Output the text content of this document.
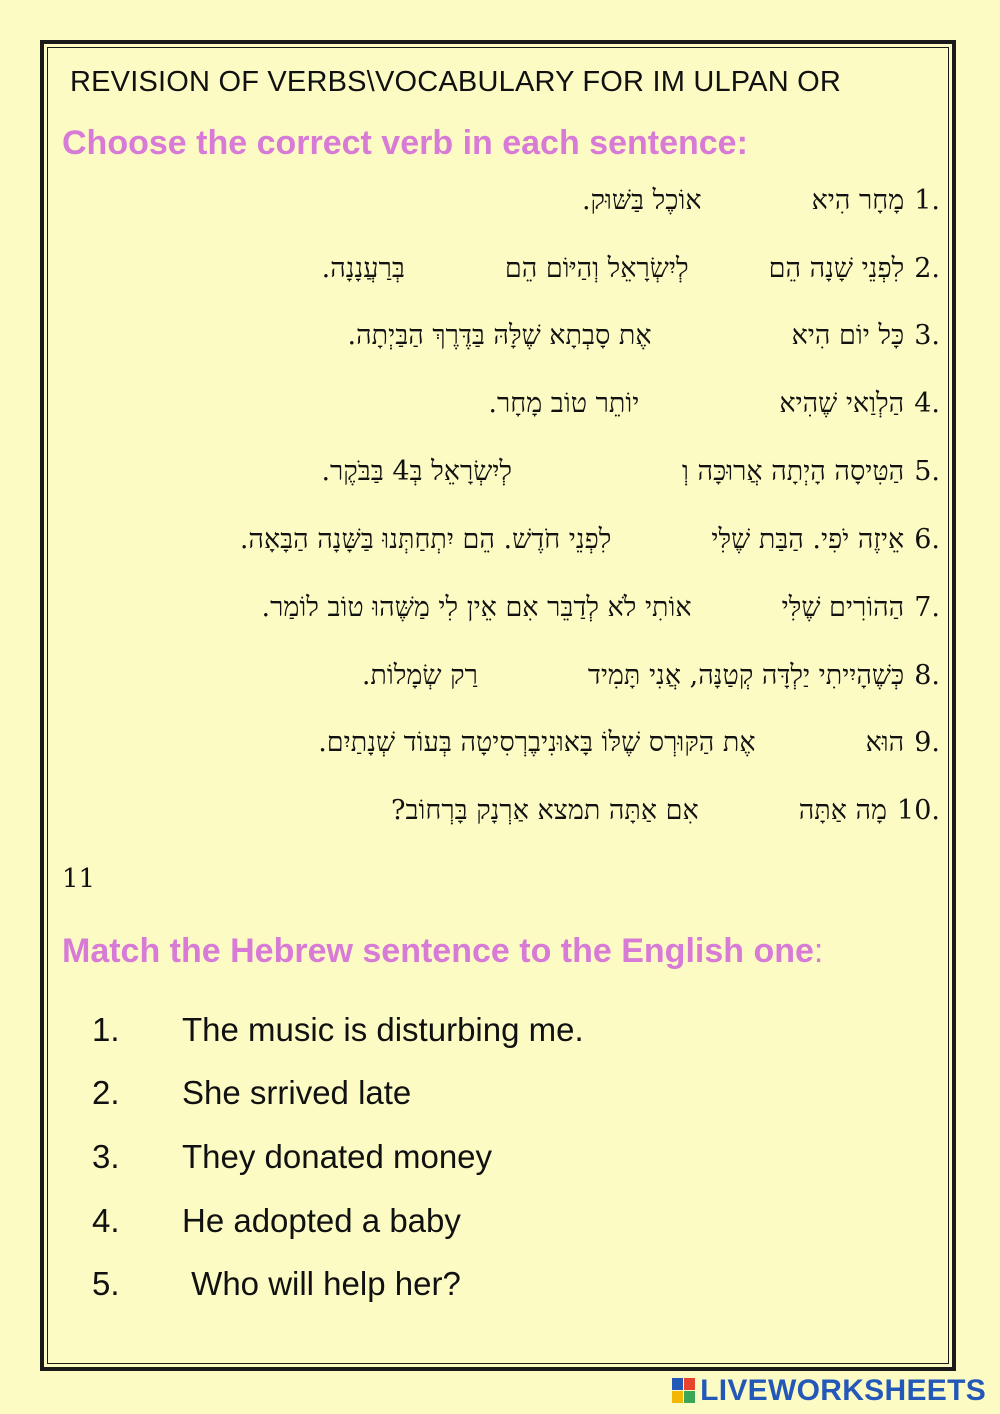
REVISION OF VERBS\VOCABULARY FOR IM ULPAN OR
Choose the correct verb in each sentence:
.1
מָחָר הִיא
אוֹכֶל בַּשּׁוּק.
.2
לִפְנֵי שָׁנָה הֵם
לְיִשְׂרָאֵל וְהַיּוֹם הֵם
בְּרַעֲנָנָה.
.3
כָּל יוֹם הִיא
אֶת סָבְתָא שֶׁלָּהּ בַּדֶּרֶךְ הַבַּיְתָה.
.4
הַלְוַאי שֶׁהִיא
יוֹתֵר טוֹב מָחָר.
.5
הַטִּיסָה הָיְתָה אֲרוּכָּה וְ
לְיִשְׂרָאֵל בְּ4 בַּבֹּקֶר.
.6
אֵיזֶה יֹפִי. הַבַּת שֶׁלִּי
לִפְנֵי חֹדֶשׁ. הֵם יִתְחַתְּנוּ בַּשָּׁנָה הַבָּאָה.
.7
הַהוֹרִים שֶׁלִּי
אוֹתִי לֹא לְדַבֵּר אִם אֵין לִי מַשֶּׁהוּ טוֹב לוֹמַר.
.8
כְּשֶׁהָיִיתִי יַלְדָּה קְטַנָּה, אֲנִי תָּמִיד
רַק שְׂמָלוֹת.
.9
הוּא
אֶת הַקּוּרְס שֶׁלּוֹ בָּאוּנִיבֶרְסִיטָה בְּעוֹד שְׁנָתַיִם.
.10
מָה אַתָּה
אִם אַתָּה תמצא אַרְנָק בָּרְחוֹב?
11
Match the Hebrew sentence to the English one:
1.	The music is disturbing me.
2.	She srrived late
3.	They donated money
4.	He adopted a baby
5.	Who will help her?
LIVEWORKSHEETS
